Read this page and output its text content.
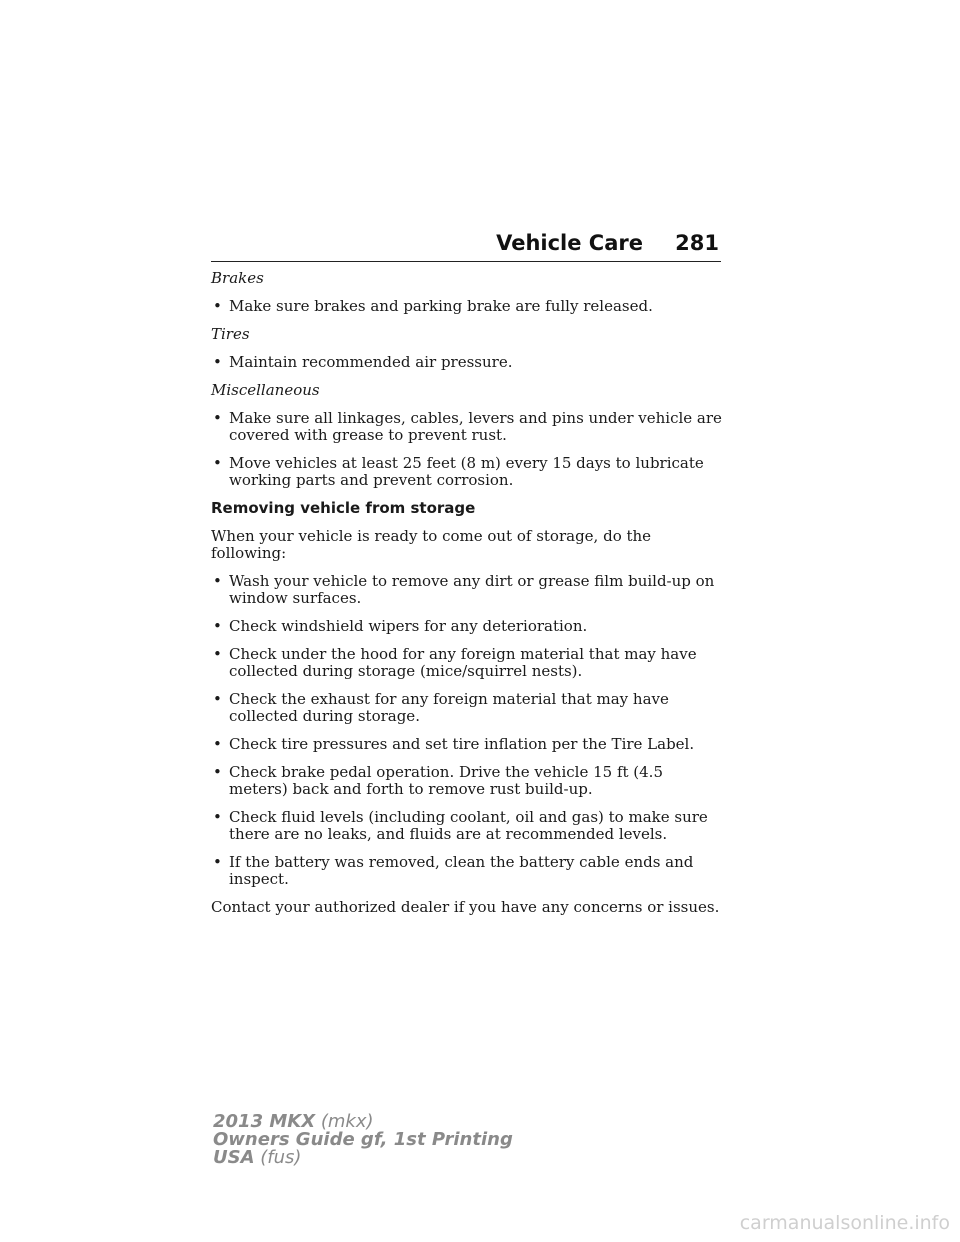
Vehicle Care 281

Brakes

• Make sure brakes and parking brake are fully released.

Tires

• Maintain recommended air pressure.

Miscellaneous

• Make sure all linkages, cables, levers and pins under vehicle are covered with grease to prevent rust.
• Move vehicles at least 25 feet (8 m) every 15 days to lubricate working parts and prevent corrosion.

Removing vehicle from storage

When your vehicle is ready to come out of storage, do the following:

• Wash your vehicle to remove any dirt or grease film build-up on window surfaces.
• Check windshield wipers for any deterioration.
• Check under the hood for any foreign material that may have collected during storage (mice/squirrel nests).
• Check the exhaust for any foreign material that may have collected during storage.
• Check tire pressures and set tire inflation per the Tire Label.
• Check brake pedal operation. Drive the vehicle 15 ft (4.5 meters) back and forth to remove rust build-up.
• Check fluid levels (including coolant, oil and gas) to make sure there are no leaks, and fluids are at recommended levels.
• If the battery was removed, clean the battery cable ends and inspect.

Contact your authorized dealer if you have any concerns or issues.

2013 MKX (mkx)
Owners Guide gf, 1st Printing
USA (fus)
carmanualsonline.info
